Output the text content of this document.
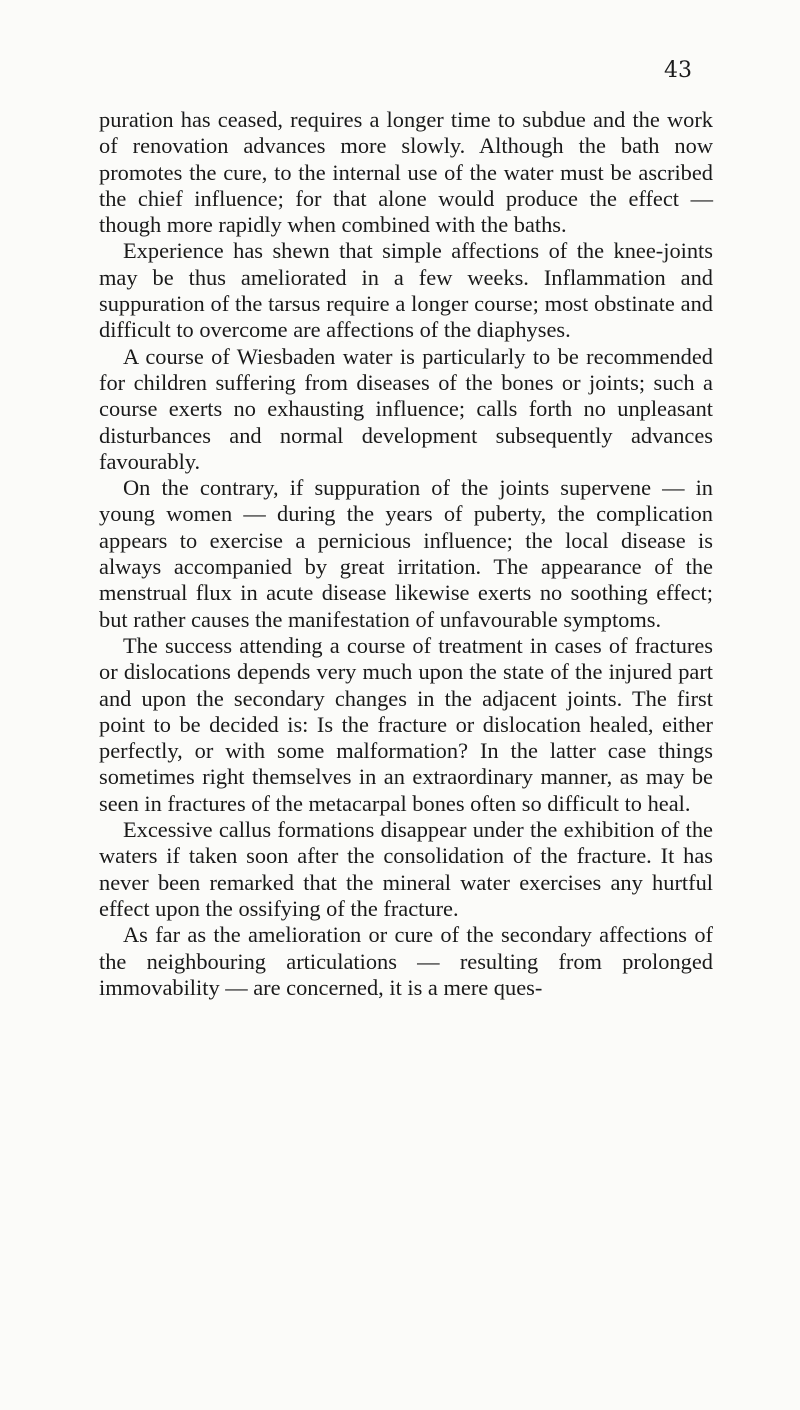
43

puration has ceased, requires a longer time to subdue and the work of renovation advances more slowly. Although the bath now promotes the cure, to the internal use of the water must be ascribed the chief influence; for that alone would produce the effect — though more rapidly when combined with the baths.

Experience has shewn that simple affections of the knee-joints may be thus ameliorated in a few weeks. Inflammation and suppuration of the tarsus require a longer course; most obstinate and difficult to overcome are affections of the diaphyses.

A course of Wiesbaden water is particularly to be recommended for children suffering from diseases of the bones or joints; such a course exerts no exhausting influence; calls forth no unpleasant disturbances and normal development subsequently advances favourably.

On the contrary, if suppuration of the joints supervene — in young women — during the years of puberty, the complication appears to exercise a pernicious influence; the local disease is always accompanied by great irritation. The appearance of the menstrual flux in acute disease likewise exerts no soothing effect; but rather causes the manifestation of unfavourable symptoms.

The success attending a course of treatment in cases of fractures or dislocations depends very much upon the state of the injured part and upon the secondary changes in the adjacent joints. The first point to be decided is: Is the fracture or dislocation healed, either perfectly, or with some malformation? In the latter case things sometimes right themselves in an extraordinary manner, as may be seen in fractures of the metacarpal bones often so difficult to heal.

Excessive callus formations disappear under the exhibition of the waters if taken soon after the consolidation of the fracture. It has never been remarked that the mineral water exercises any hurtful effect upon the ossifying of the fracture.

As far as the amelioration or cure of the secondary affections of the neighbouring articulations — resulting from prolonged immovability — are concerned, it is a mere ques-
